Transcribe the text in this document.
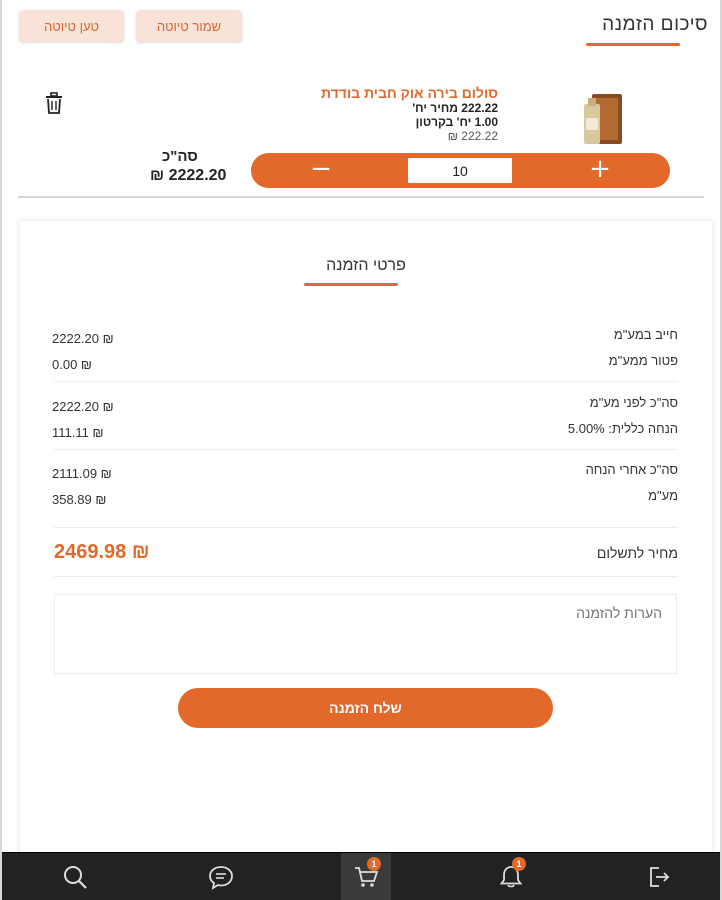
סיכום הזמנה
שמור טיוטה
טען טיוטה
סולום בירה אוק חבית בודדת
222.22 מחיר יח'
1.00 יח' בקרטון
222.22 ₪
−
10	+
סה"כ
2222.20 ₪
פרטי הזמנה
חייב במע"מ
2222.20 ₪
פטור ממע"מ
0.00 ₪
סה"כ לפני מע"מ
2222.20 ₪
הנחה כללית: 5.00%
111.11 ₪
סה"כ אחרי הנחה
2111.09 ₪
מע"מ
358.89 ₪
מחיר לתשלום
2469.98 ₪
הערות להזמנה
שלח הזמנה
1	1
